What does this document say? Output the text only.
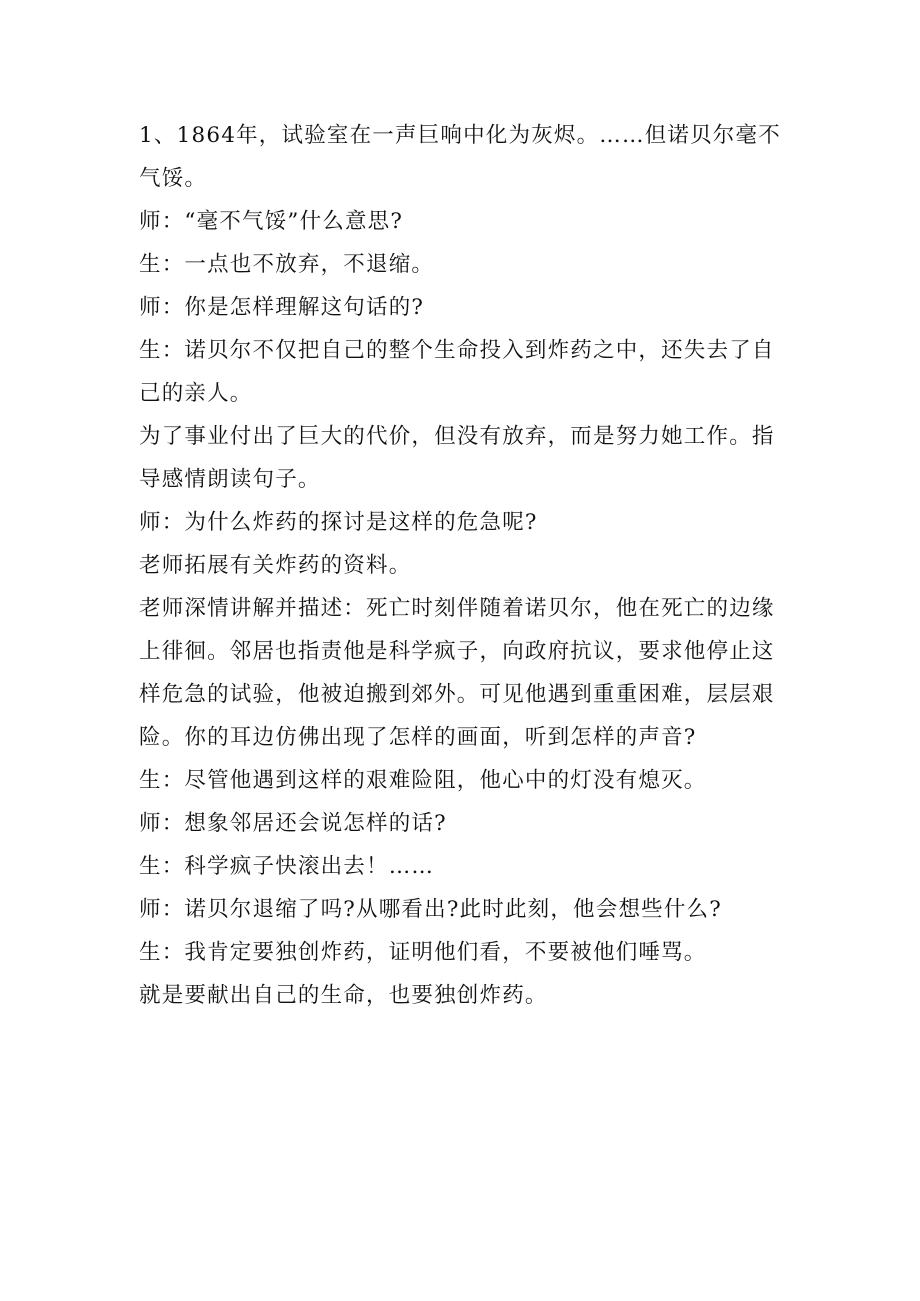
1、1864年，试验室在一声巨响中化为灰烬。……但诺贝尔毫不气馁。

师：“毫不气馁”什么意思?

生：一点也不放弃，不退缩。

师：你是怎样理解这句话的?

生：诺贝尔不仅把自己的整个生命投入到炸药之中，还失去了自己的亲人。

为了事业付出了巨大的代价，但没有放弃，而是努力她工作。指导感情朗读句子。

师：为什么炸药的探讨是这样的危急呢?

老师拓展有关炸药的资料。

老师深情讲解并描述：死亡时刻伴随着诺贝尔，他在死亡的边缘上徘徊。邻居也指责他是科学疯子，向政府抗议，要求他停止这样危急的试验，他被迫搬到郊外。可见他遇到重重困难，层层艰险。你的耳边仿佛出现了怎样的画面，听到怎样的声音?

生：尽管他遇到这样的艰难险阻，他心中的灯没有熄灭。

师：想象邻居还会说怎样的话?

生：科学疯子快滚出去！……

师：诺贝尔退缩了吗?从哪看出?此时此刻，他会想些什么?

生：我肯定要独创炸药，证明他们看，不要被他们唾骂。

就是要献出自己的生命，也要独创炸药。
